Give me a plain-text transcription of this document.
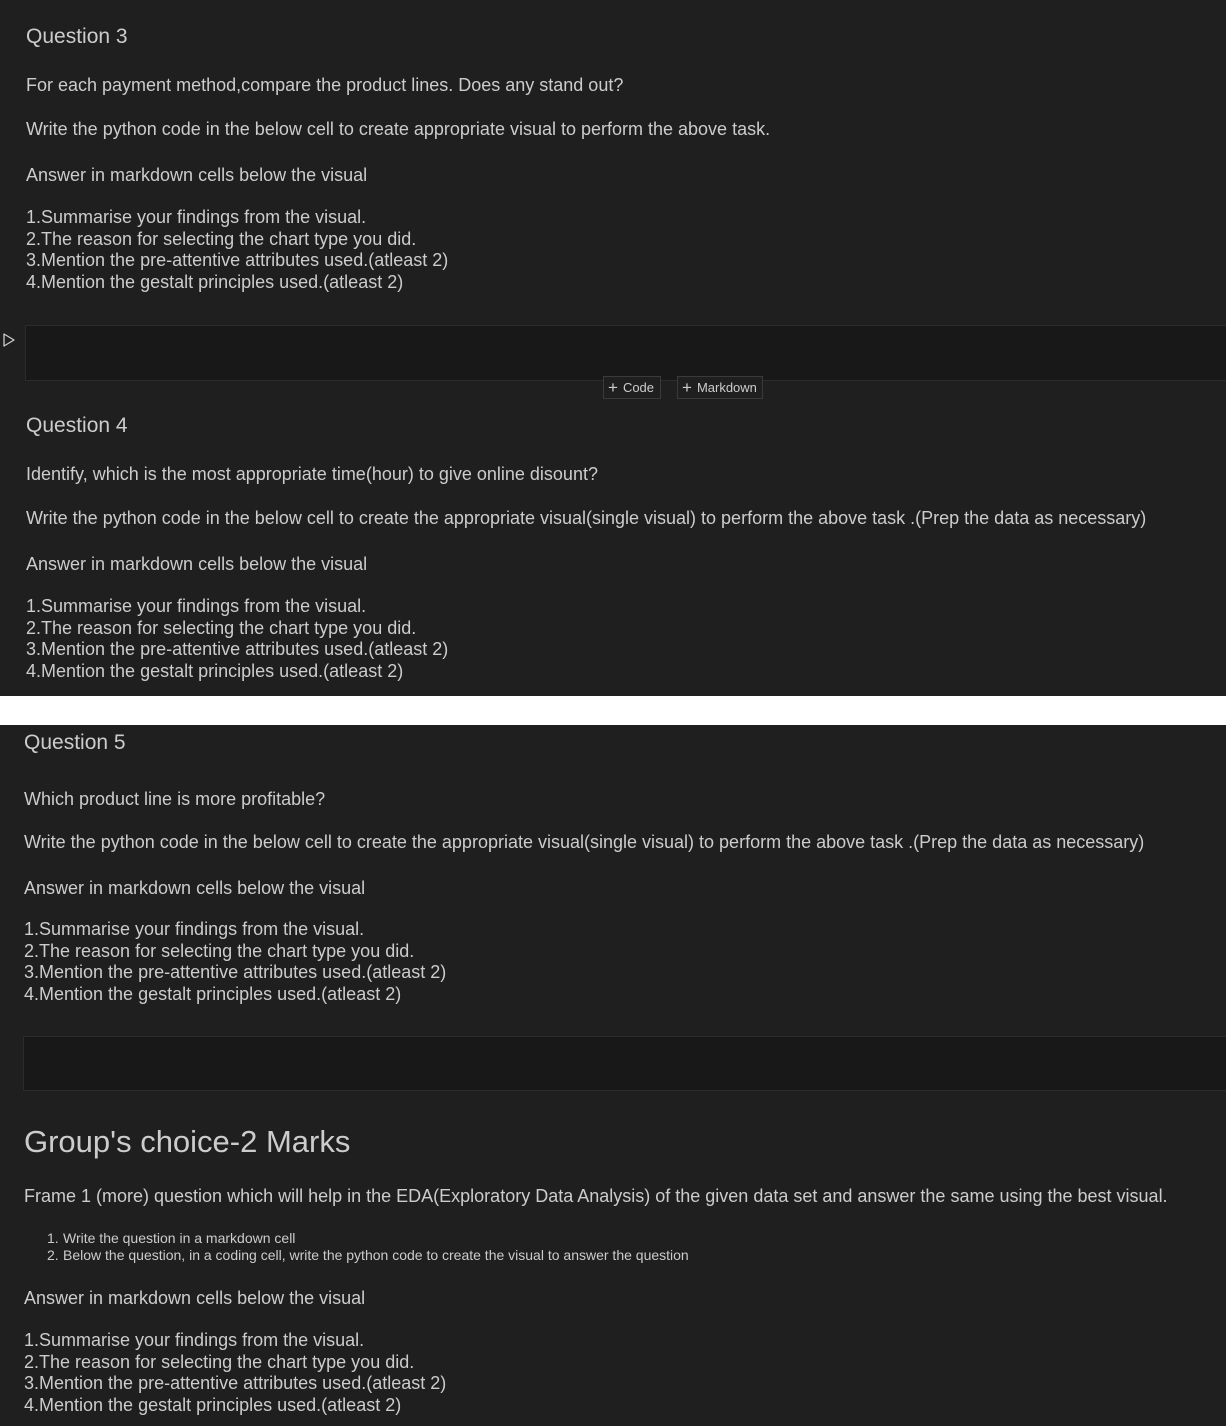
Question 3

For each payment method,compare the product lines. Does any stand out?

Write the python code in the below cell to create appropriate visual to perform the above task.

Answer in markdown cells below the visual

1.Summarise your findings from the visual.
2.The reason for selecting the chart type you did.
3.Mention the pre-attentive attributes used.(atleast 2)
4.Mention the gestalt principles used.(atleast 2)
+ Code + Markdown

Question 4

Identify, which is the most appropriate time(hour) to give online disount?

Write the python code in the below cell to create the appropriate visual(single visual) to perform the above task .(Prep the data as necessary)

Answer in markdown cells below the visual

1.Summarise your findings from the visual.
2.The reason for selecting the chart type you did.
3.Mention the pre-attentive attributes used.(atleast 2)
4.Mention the gestalt principles used.(atleast 2)

Question 5

Which product line is more profitable?

Write the python code in the below cell to create the appropriate visual(single visual) to perform the above task .(Prep the data as necessary)

Answer in markdown cells below the visual

1.Summarise your findings from the visual.
2.The reason for selecting the chart type you did.
3.Mention the pre-attentive attributes used.(atleast 2)
4.Mention the gestalt principles used.(atleast 2)

Group's choice-2 Marks

Frame 1 (more) question which will help in the EDA(Exploratory Data Analysis) of the given data set and answer the same using the best visual.

1. Write the question in a markdown cell
2. Below the question, in a coding cell, write the python code to create the visual to answer the question

Answer in markdown cells below the visual

1.Summarise your findings from the visual.
2.The reason for selecting the chart type you did.
3.Mention the pre-attentive attributes used.(atleast 2)
4.Mention the gestalt principles used.(atleast 2)
